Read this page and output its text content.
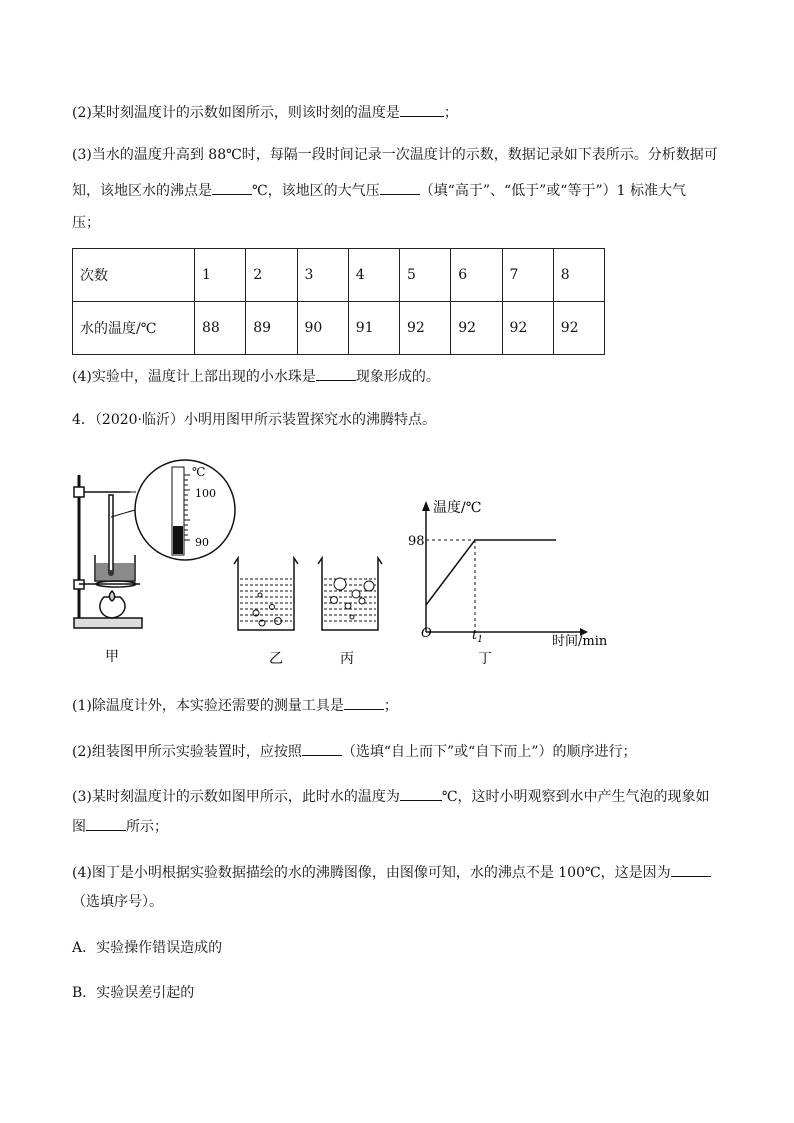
(2)某时刻温度计的示数如图所示，则该时刻的温度是	；
(3)当水的温度升高到 88℃时，每隔一段时间记录一次温度计的示数，数据记录如下表所示。分析数据可
知，该地区水的沸点是	℃，该地区的大气压	（填“高于”、“低于”或“等于”）1 标准大气
压；
次数	1	2	3	4	5	6	7	8
水的温度/℃	88	89	90	91	92	92	92	92
(4)实验中，温度计上部出现的小水珠是	现象形成的。
4．（2020·临沂）小明用图甲所示装置探究水的沸腾特点。
℃
100
90
温度/℃
98
O	$t_1$	时间/min
甲	乙	丙	丁
(1)除温度计外，本实验还需要的测量工具是	；
(2)组装图甲所示实验装置时，应按照	（选填“自上而下”或“自下而上”）的顺序进行；
(3)某时刻温度计的示数如图甲所示，此时水的温度为	℃，这时小明观察到水中产生气泡的现象如
图	所示；
(4)图丁是小明根据实验数据描绘的水的沸腾图像，由图像可知，水的沸点不是 100℃，这是因为
（选填序号）。
A．实验操作错误造成的
B．实验误差引起的
